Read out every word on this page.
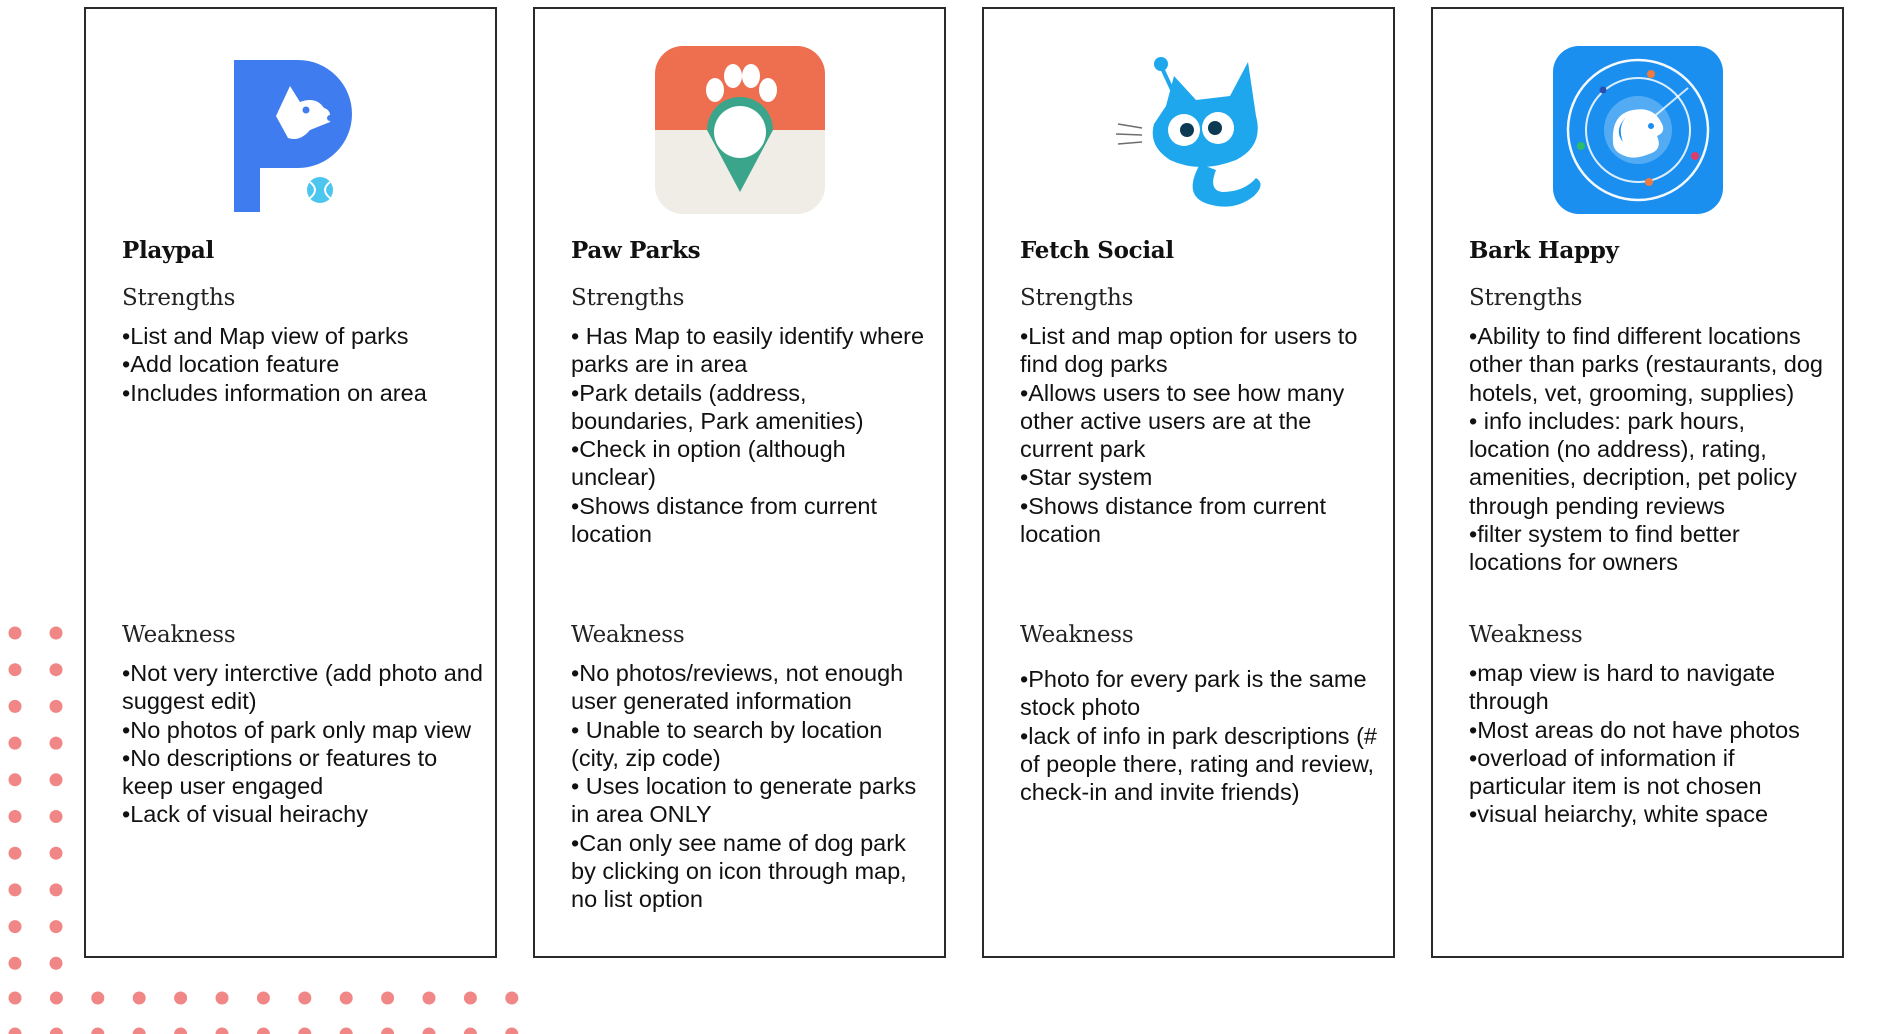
Playpal
Strengths
•List and Map view of parks
•Add location feature
•Includes information on area
Weakness
•Not very interctive (add photo and suggest edit)
•No photos of park only map view
•No descriptions or features to keep user engaged
•Lack of visual heirachy
Paw Parks
Strengths
• Has Map to easily identify where parks are in area
•Park details (address, boundaries, Park amenities)
•Check in option (although unclear)
•Shows distance from current location
Weakness
•No photos/reviews, not enough user generated information
• Unable to search by location (city, zip code)
• Uses location to generate parks in area ONLY
•Can only see name of dog park by clicking on icon through map, no list option
Fetch Social
Strengths
•List and map option for users to find dog parks
•Allows users to see how many other active users are at the current park
•Star system
•Shows distance from current location
Weakness
•Photo for every park is the same stock photo
•lack of info in park descriptions (# of people there, rating and review, check-in and invite friends)
Bark Happy
Strengths
•Ability to find different locations other than parks (restaurants, dog hotels, vet, grooming, supplies)
• info includes: park hours, location (no address), rating, amenities, decription, pet policy through pending reviews
•filter system to find better locations for owners
Weakness
•map view is hard to navigate through
•Most areas do not have photos
•overload of information if particular item is not chosen
•visual heiarchy, white space
